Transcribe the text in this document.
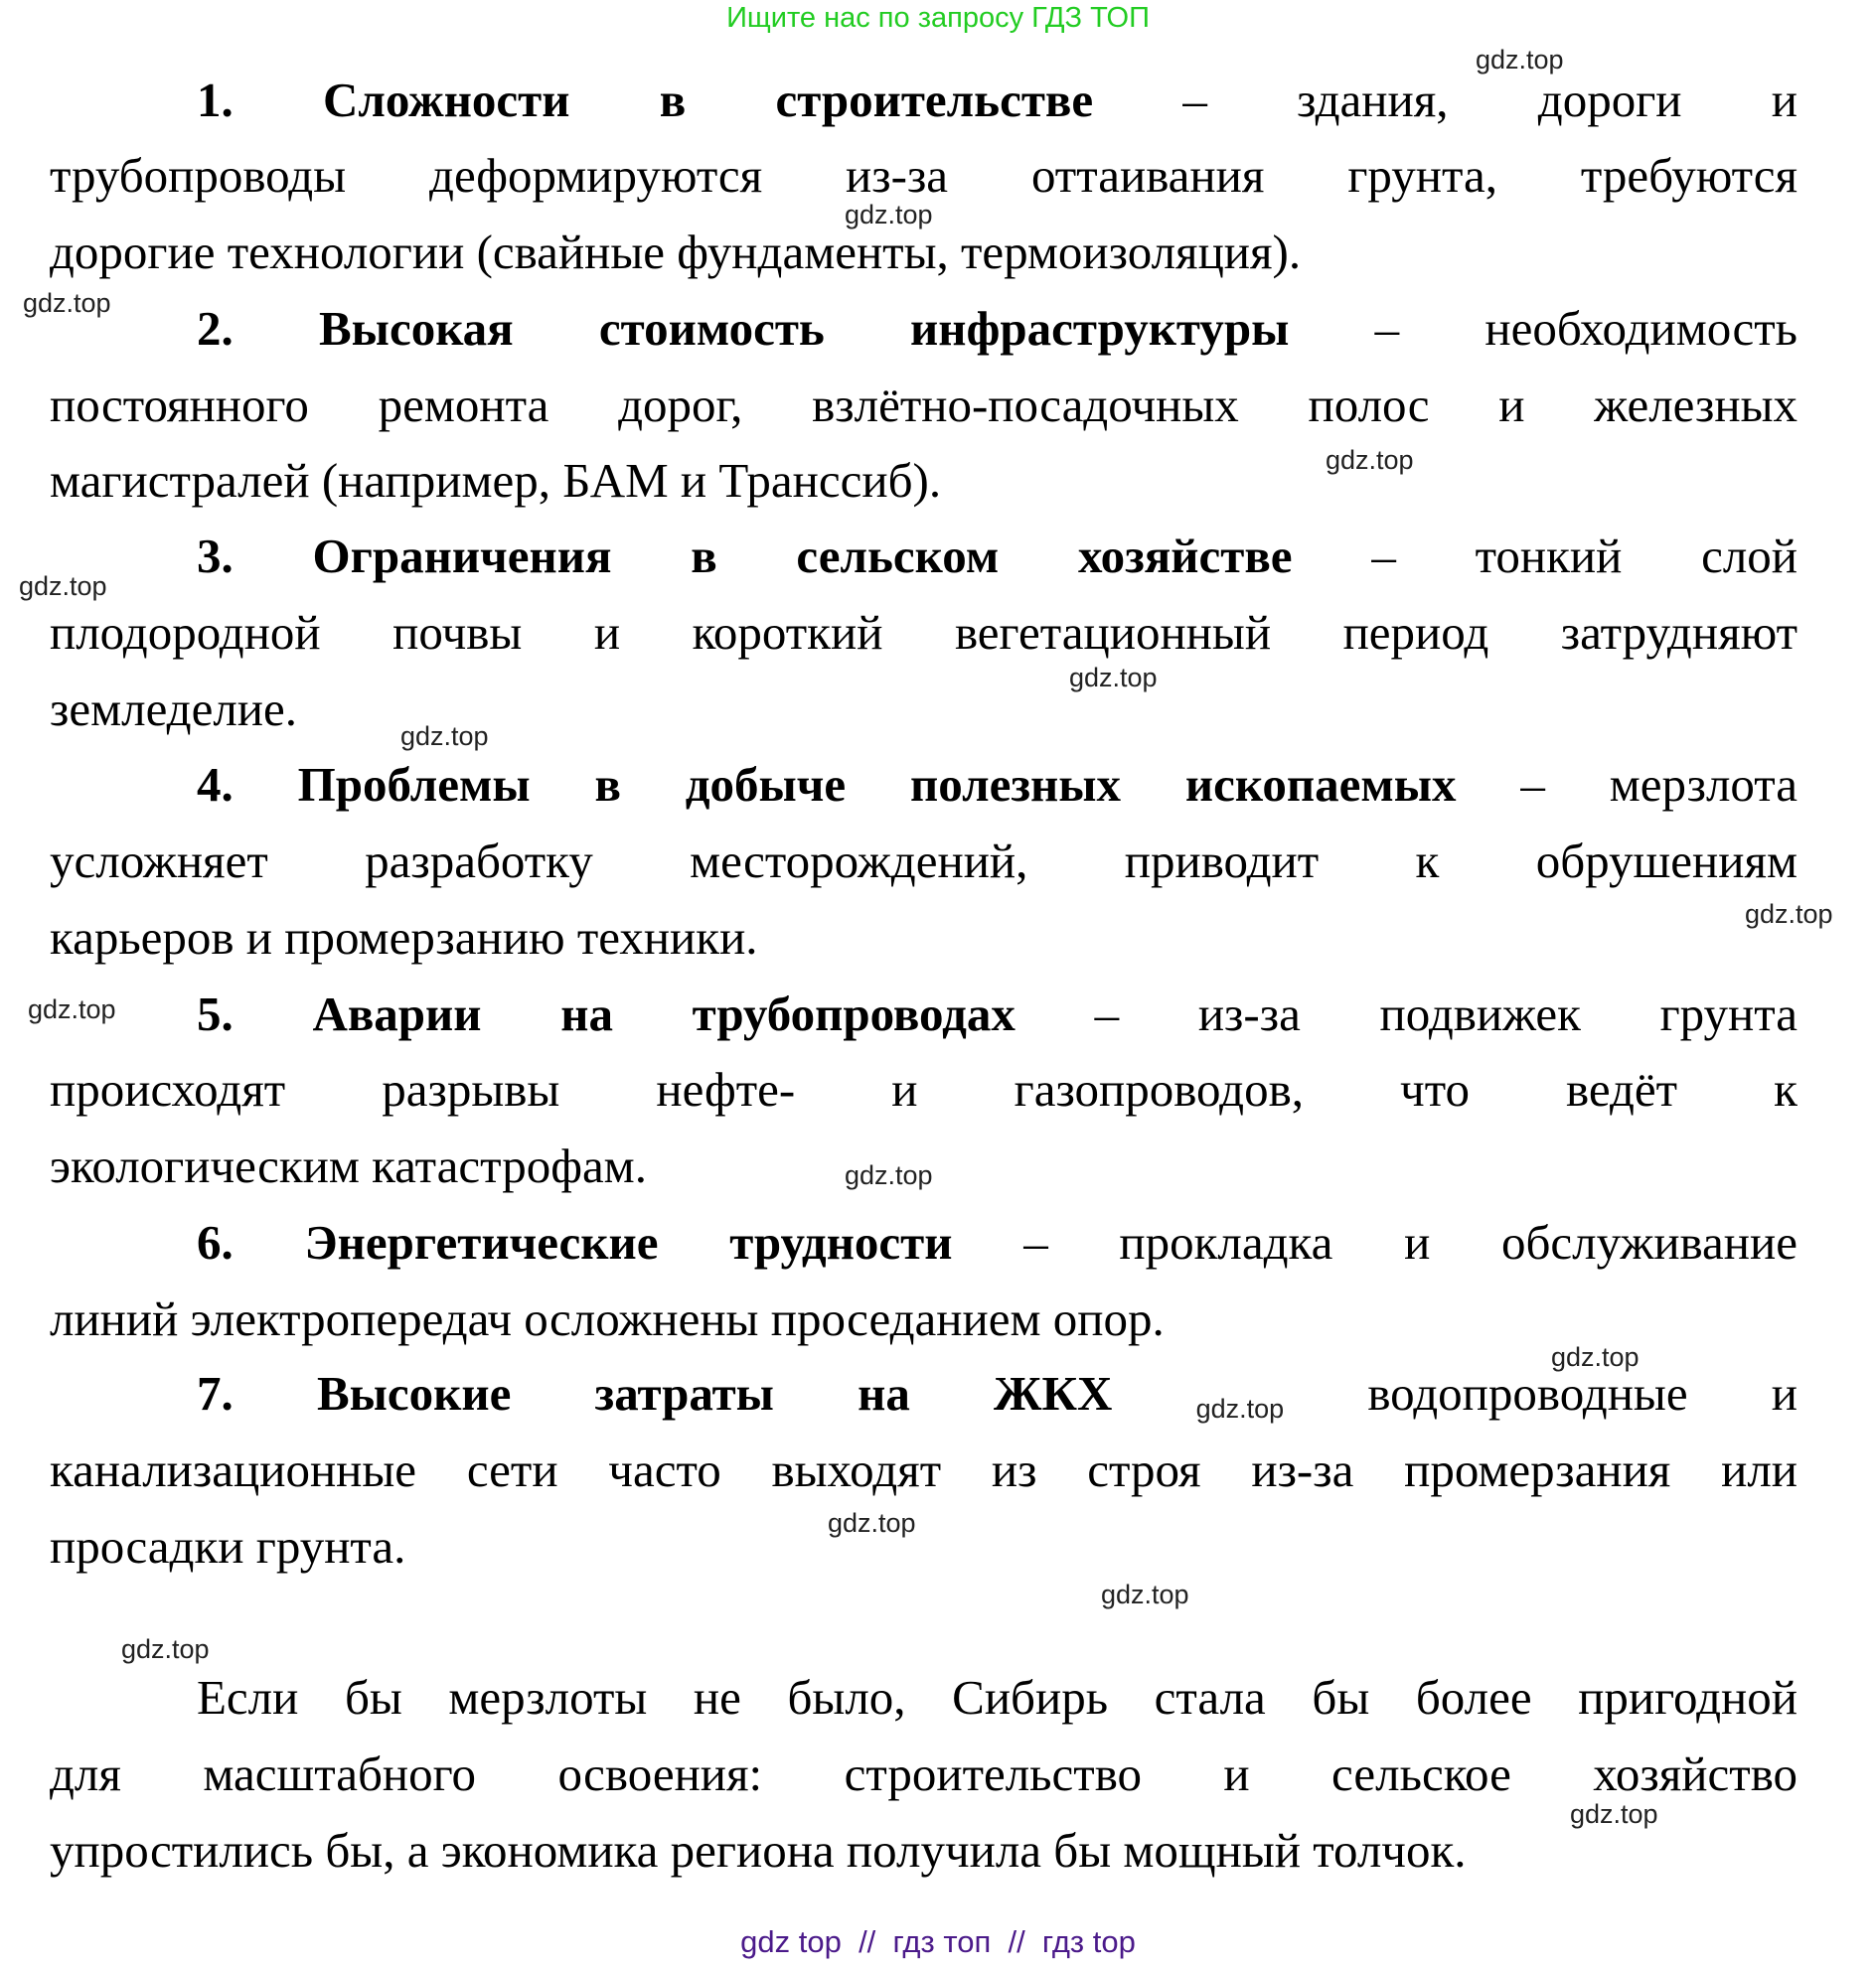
Ищите нас по запросу ГДЗ ТОП
1. Сложности в строительстве – здания, дороги и
трубопроводы деформируются из-за оттаивания грунта, требуются
дорогие технологии (свайные фундаменты, термоизоляция).
2. Высокая стоимость инфраструктуры – необходимость
постоянного ремонта дорог, взлётно-посадочных полос и железных
магистралей (например, БАМ и Транссиб).
3. Ограничения в сельском хозяйстве – тонкий слой
плодородной почвы и короткий вегетационный период затрудняют
земледелие.
4. Проблемы в добыче полезных ископаемых – мерзлота
усложняет разработку месторождений, приводит к обрушениям
карьеров и промерзанию техники.
5. Аварии на трубопроводах – из-за подвижек грунта
происходят разрывы нефте- и газопроводов, что ведёт к
экологическим катастрофам.
6. Энергетические трудности – прокладка и обслуживание
линий электропередач осложнены проседанием опор.
7. Высокие затраты на ЖКХ	gdz.top водопроводные и
канализационные сети часто выходят из строя из-за промерзания или
просадки грунта.
Если бы мерзлоты не было, Сибирь стала бы более пригодной
для масштабного освоения: строительство и сельское хозяйство
упростились бы, а экономика региона получила бы мощный толчок.
gdz.top
gdz.top
gdz.top
gdz.top
gdz.top
gdz.top
gdz.top
gdz.top
gdz.top
gdz.top
gdz.top
gdz.top
gdz.top
gdz.top
gdz.top
gdz top  //  гдз топ  //  гдз top
